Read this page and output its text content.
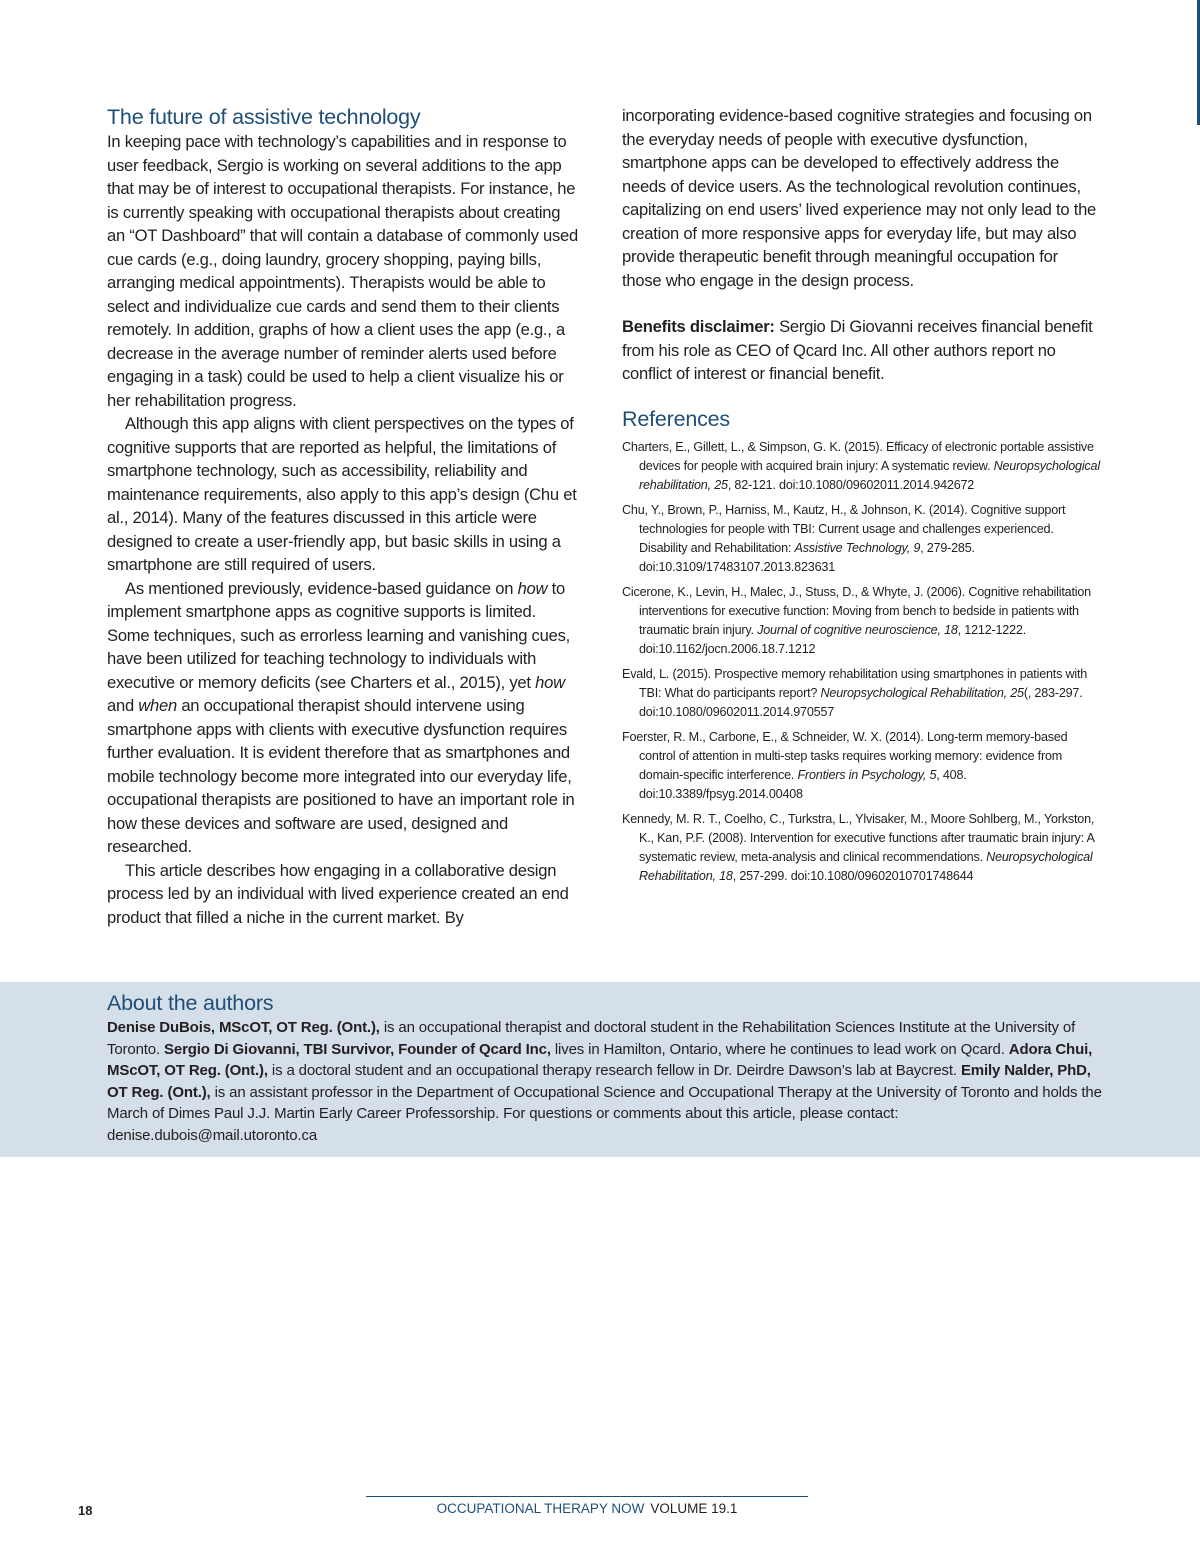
The future of assistive technology

In keeping pace with technology’s capabilities and in response to user feedback, Sergio is working on several additions to the app that may be of interest to occupational therapists. For instance, he is currently speaking with occupational therapists about creating an “OT Dashboard” that will contain a database of commonly used cue cards (e.g., doing laundry, grocery shopping, paying bills, arranging medical appointments). Therapists would be able to select and individualize cue cards and send them to their clients remotely. In addition, graphs of how a client uses the app (e.g., a decrease in the average number of reminder alerts used before engaging in a task) could be used to help a client visualize his or her rehabilitation progress.

Although this app aligns with client perspectives on the types of cognitive supports that are reported as helpful, the limitations of smartphone technology, such as accessibility, reliability and maintenance requirements, also apply to this app’s design (Chu et al., 2014). Many of the features discussed in this article were designed to create a user-friendly app, but basic skills in using a smartphone are still required of users.

As mentioned previously, evidence-based guidance on how to implement smartphone apps as cognitive supports is limited. Some techniques, such as errorless learning and vanishing cues, have been utilized for teaching technology to individuals with executive or memory deficits (see Charters et al., 2015), yet how and when an occupational therapist should intervene using smartphone apps with clients with executive dysfunction requires further evaluation. It is evident therefore that as smartphones and mobile technology become more integrated into our everyday life, occupational therapists are positioned to have an important role in how these devices and software are used, designed and researched.

This article describes how engaging in a collaborative design process led by an individual with lived experience created an end product that filled a niche in the current market. By

incorporating evidence-based cognitive strategies and focusing on the everyday needs of people with executive dysfunction, smartphone apps can be developed to effectively address the needs of device users. As the technological revolution continues, capitalizing on end users’ lived experience may not only lead to the creation of more responsive apps for everyday life, but may also provide therapeutic benefit through meaningful occupation for those who engage in the design process.

Benefits disclaimer: Sergio Di Giovanni receives financial benefit from his role as CEO of Qcard Inc. All other authors report no conflict of interest or financial benefit.

References
Charters, E., Gillett, L., & Simpson, G. K. (2015). Efficacy of electronic portable assistive devices for people with acquired brain injury: A systematic review. Neuropsychological rehabilitation, 25, 82-121. doi:10.1080/09602011.2014.942672
Chu, Y., Brown, P., Harniss, M., Kautz, H., & Johnson, K. (2014). Cognitive support technologies for people with TBI: Current usage and challenges experienced. Disability and Rehabilitation: Assistive Technology, 9, 279-285. doi:10.3109/17483107.2013.823631
Cicerone, K., Levin, H., Malec, J., Stuss, D., & Whyte, J. (2006). Cognitive rehabilitation interventions for executive function: Moving from bench to bedside in patients with traumatic brain injury. Journal of cognitive neuroscience, 18, 1212-1222. doi:10.1162/jocn.2006.18.7.1212
Evald, L. (2015). Prospective memory rehabilitation using smartphones in patients with TBI: What do participants report? Neuropsychological Rehabilitation, 25(, 283-297. doi:10.1080/09602011.2014.970557
Foerster, R. M., Carbone, E., & Schneider, W. X. (2014). Long-term memory-based control of attention in multi-step tasks requires working memory: evidence from domain-specific interference. Frontiers in Psychology, 5, 408. doi:10.3389/fpsyg.2014.00408
Kennedy, M. R. T., Coelho, C., Turkstra, L., Ylvisaker, M., Moore Sohlberg, M., Yorkston, K., Kan, P.F. (2008). Intervention for executive functions after traumatic brain injury: A systematic review, meta-analysis and clinical recommendations. Neuropsychological Rehabilitation, 18, 257-299. doi:10.1080/09602010701748644
About the authors

Denise DuBois, MScOT, OT Reg. (Ont.), is an occupational therapist and doctoral student in the Rehabilitation Sciences Institute at the University of Toronto. Sergio Di Giovanni, TBI Survivor, Founder of Qcard Inc, lives in Hamilton, Ontario, where he continues to lead work on Qcard. Adora Chui, MScOT, OT Reg. (Ont.), is a doctoral student and an occupational therapy research fellow in Dr. Deirdre Dawson’s lab at Baycrest. Emily Nalder, PhD, OT Reg. (Ont.), is an assistant professor in the Department of Occupational Science and Occupational Therapy at the University of Toronto and holds the March of Dimes Paul J.J. Martin Early Career Professorship. For questions or comments about this article, please contact: denise.dubois@mail.utoronto.ca

18	OCCUPATIONAL THERAPY NOW VOLUME 19.1
